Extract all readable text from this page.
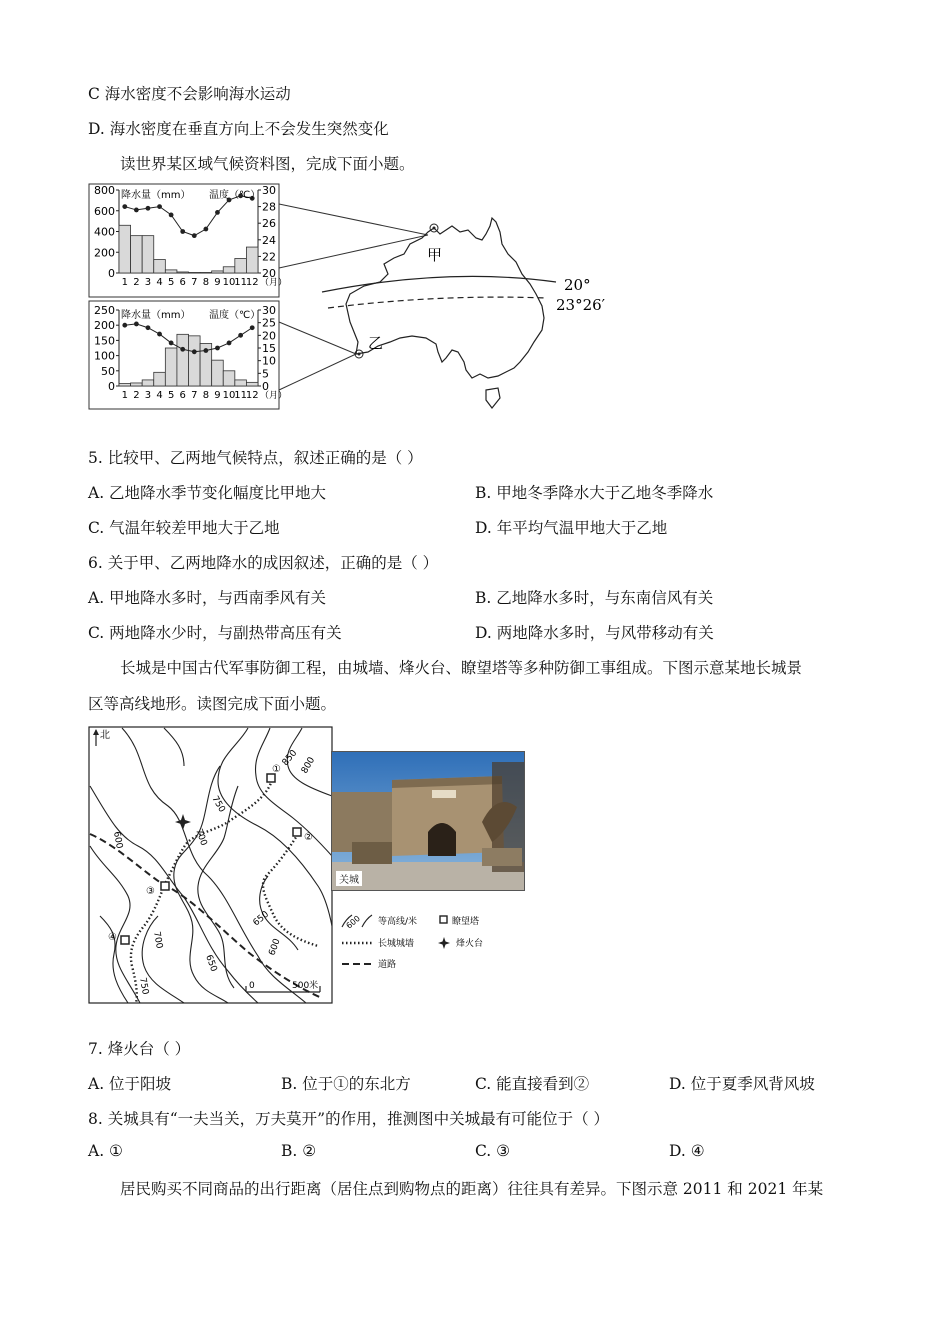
C 海水密度不会影响海水运动
D. 海水密度在垂直方向上不会发生突然变化
读世界某区域气候资料图，完成下面小题。
0
200
400
600
800
20
22
24
26
28
30
1 2 3 4 5 6 7 8 9 10
11
12 （月）
降水量（mm） 温度（℃）
0
50
100
150
200
250
0
5
10
15
20
25
30
1 2 3 4 5 6 7 8 9 10
11
12 （月）
降水量（mm） 温度（℃）
甲
乙
20°
23°26′
5. 比较甲、乙两地气候特点，叙述正确的是（ ）
A. 乙地降水季节变化幅度比甲地大	B. 甲地冬季降水大于乙地冬季降水
C. 气温年较差甲地大于乙地	D. 年平均气温甲地大于乙地
6. 关于甲、乙两地降水的成因叙述，正确的是（ ）
A. 甲地降水多时，与西南季风有关	B. 乙地降水多时，与东南信风有关
C. 两地降水少时，与副热带高压有关	D. 两地降水多时，与风带移动有关
长城是中国古代军事防御工程，由城墙、烽火台、瞭望塔等多种防御工事组成。下图示意某地长城景
区等高线地形。读图完成下面小题。
北
①
②
③
④
600
600
650
650
700
700
750
750
800
850
0	500米
关城
600 等高线/米	瞭望塔
长城城墙	烽火台
道路
7. 烽火台（ ）
A. 位于阳坡	B. 位于①的东北方	C. 能直接看到②	D. 位于夏季风背风坡
8. 关城具有“一夫当关，万夫莫开”的作用，推测图中关城最有可能位于（ ）
A. ①	B. ②	C. ③	D. ④
居民购买不同商品的出行距离（居住点到购物点的距离）往往具有差异。下图示意 2011 和 2021 年某
